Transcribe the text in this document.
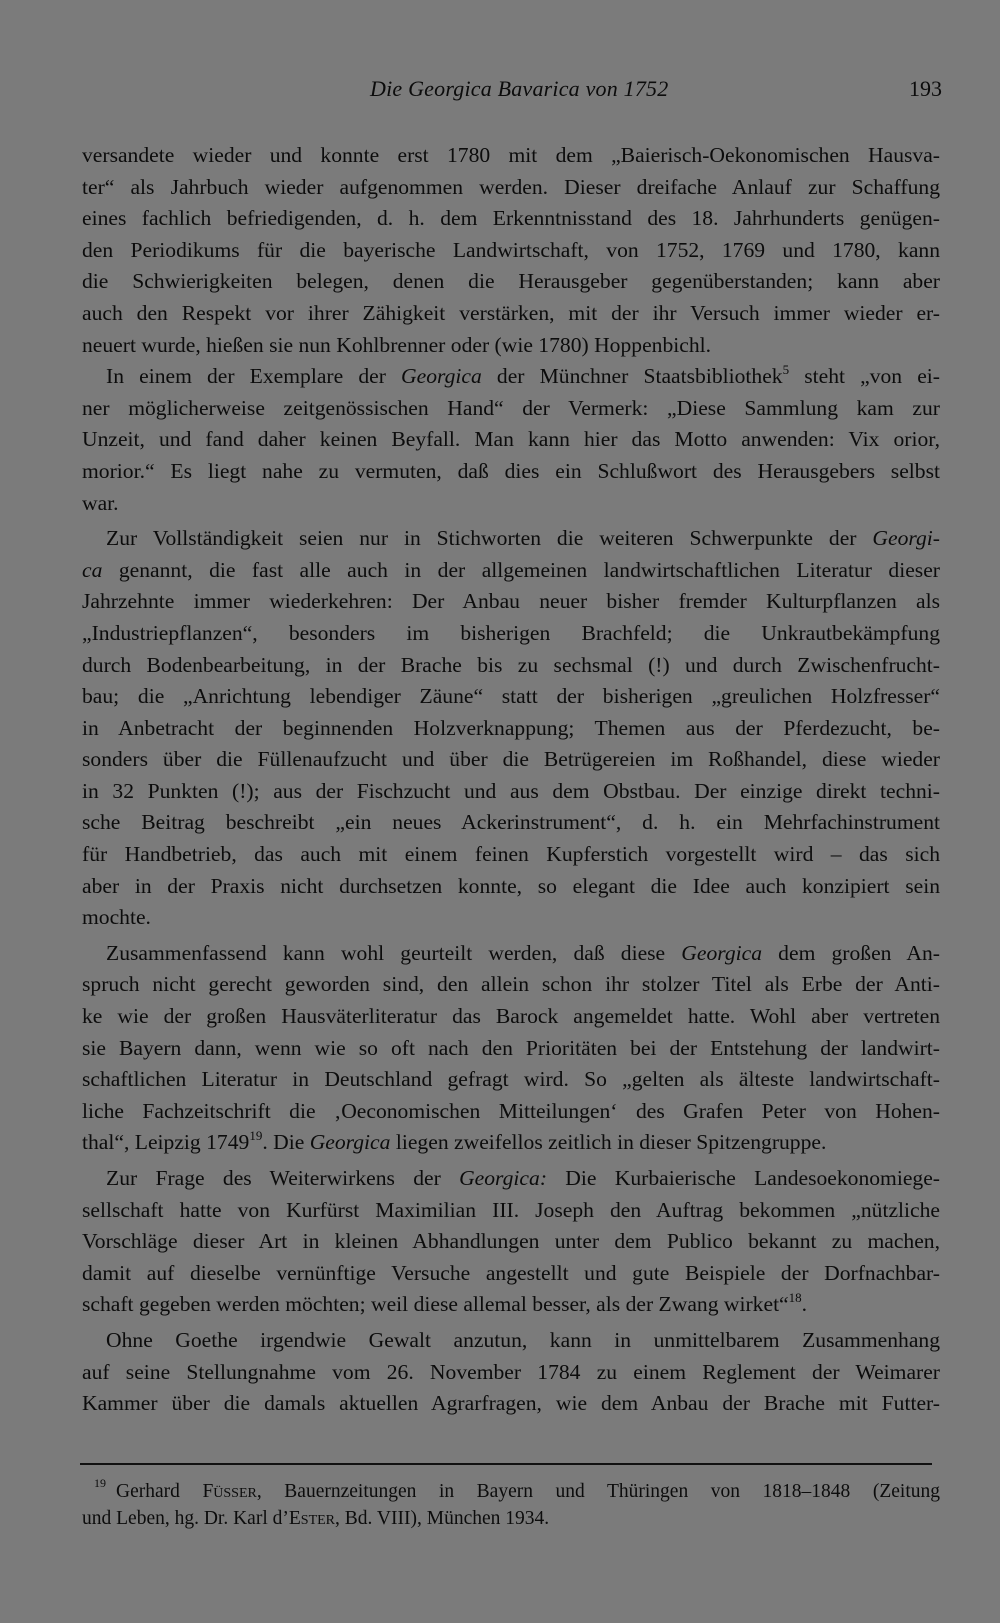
Die Georgica Bavarica von 1752	193
versandete wieder und konnte erst 1780 mit dem „Baierisch-Oekonomischen Hausva-
ter“ als Jahrbuch wieder aufgenommen werden. Dieser dreifache Anlauf zur Schaffung
eines fachlich befriedigenden, d. h. dem Erkenntnisstand des 18. Jahrhunderts genügen-
den Periodikums für die bayerische Landwirtschaft, von 1752, 1769 und 1780, kann
die Schwierigkeiten belegen, denen die Herausgeber gegenüberstanden; kann aber
auch den Respekt vor ihrer Zähigkeit verstärken, mit der ihr Versuch immer wieder er-
neuert wurde, hießen sie nun Kohlbrenner oder (wie 1780) Hoppenbichl.
In einem der Exemplare der Georgica der Münchner Staatsbibliothek$^5$ steht „von ei-
ner möglicherweise zeitgenössischen Hand“ der Vermerk: „Diese Sammlung kam zur
Unzeit, und fand daher keinen Beyfall. Man kann hier das Motto anwenden: Vix orior,
morior.“ Es liegt nahe zu vermuten, daß dies ein Schlußwort des Herausgebers selbst
war.
Zur Vollständigkeit seien nur in Stichworten die weiteren Schwerpunkte der Georgi-
ca genannt, die fast alle auch in der allgemeinen landwirtschaftlichen Literatur dieser
Jahrzehnte immer wiederkehren: Der Anbau neuer bisher fremder Kulturpflanzen als
„Industriepflanzen“, besonders im bisherigen Brachfeld; die Unkrautbekämpfung
durch Bodenbearbeitung, in der Brache bis zu sechsmal (!) und durch Zwischenfrucht-
bau; die „Anrichtung lebendiger Zäune“ statt der bisherigen „greulichen Holzfresser“
in Anbetracht der beginnenden Holzverknappung; Themen aus der Pferdezucht, be-
sonders über die Füllenaufzucht und über die Betrügereien im Roßhandel, diese wieder
in 32 Punkten (!); aus der Fischzucht und aus dem Obstbau. Der einzige direkt techni-
sche Beitrag beschreibt „ein neues Ackerinstrument“, d. h. ein Mehrfachinstrument
für Handbetrieb, das auch mit einem feinen Kupferstich vorgestellt wird – das sich
aber in der Praxis nicht durchsetzen konnte, so elegant die Idee auch konzipiert sein
mochte.
Zusammenfassend kann wohl geurteilt werden, daß diese Georgica dem großen An-
spruch nicht gerecht geworden sind, den allein schon ihr stolzer Titel als Erbe der Anti-
ke wie der großen Hausväterliteratur das Barock angemeldet hatte. Wohl aber vertreten
sie Bayern dann, wenn wie so oft nach den Prioritäten bei der Entstehung der landwirt-
schaftlichen Literatur in Deutschland gefragt wird. So „gelten als älteste landwirtschaft-
liche Fachzeitschrift die ‚Oeconomischen Mitteilungen‘ des Grafen Peter von Hohen-
thal“, Leipzig 1749$^{19}$. Die Georgica liegen zweifellos zeitlich in dieser Spitzengruppe.
Zur Frage des Weiterwirkens der Georgica: Die Kurbaierische Landesoekonomiege-
sellschaft hatte von Kurfürst Maximilian III. Joseph den Auftrag bekommen „nützliche
Vorschläge dieser Art in kleinen Abhandlungen unter dem Publico bekannt zu machen,
damit auf dieselbe vernünftige Versuche angestellt und gute Beispiele der Dorfnachbar-
schaft gegeben werden möchten; weil diese allemal besser, als der Zwang wirket“$^{18}$.
Ohne Goethe irgendwie Gewalt anzutun, kann in unmittelbarem Zusammenhang
auf seine Stellungnahme vom 26. November 1784 zu einem Reglement der Weimarer
Kammer über die damals aktuellen Agrarfragen, wie dem Anbau der Brache mit Futter-
$^{19}$ Gerhard Füsser, Bauernzeitungen in Bayern und Thüringen von 1818–1848 (Zeitung
und Leben, hg. Dr. Karl d’Ester, Bd. VIII), München 1934.
